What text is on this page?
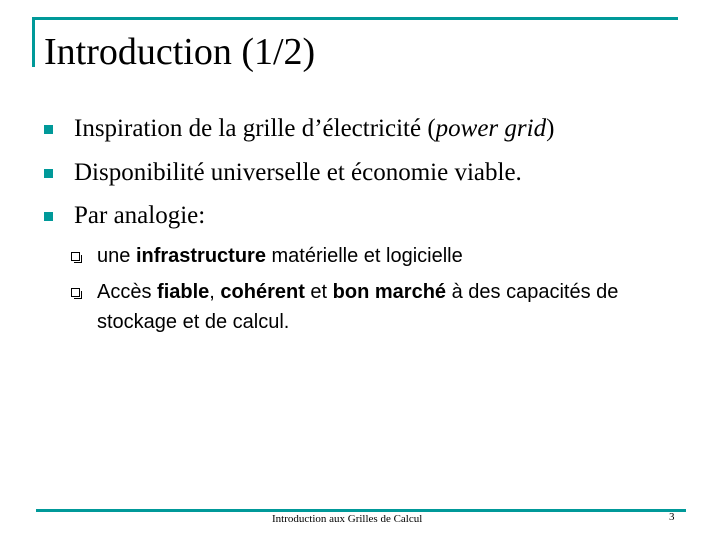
Introduction (1/2)
Inspiration de la grille d’électricité (power grid)
Disponibilité universelle et économie viable.
Par analogie:
une infrastructure matérielle et logicielle
Accès fiable, cohérent et bon marché à des capacités de stockage et de calcul.
Introduction aux Grilles de Calcul	3
